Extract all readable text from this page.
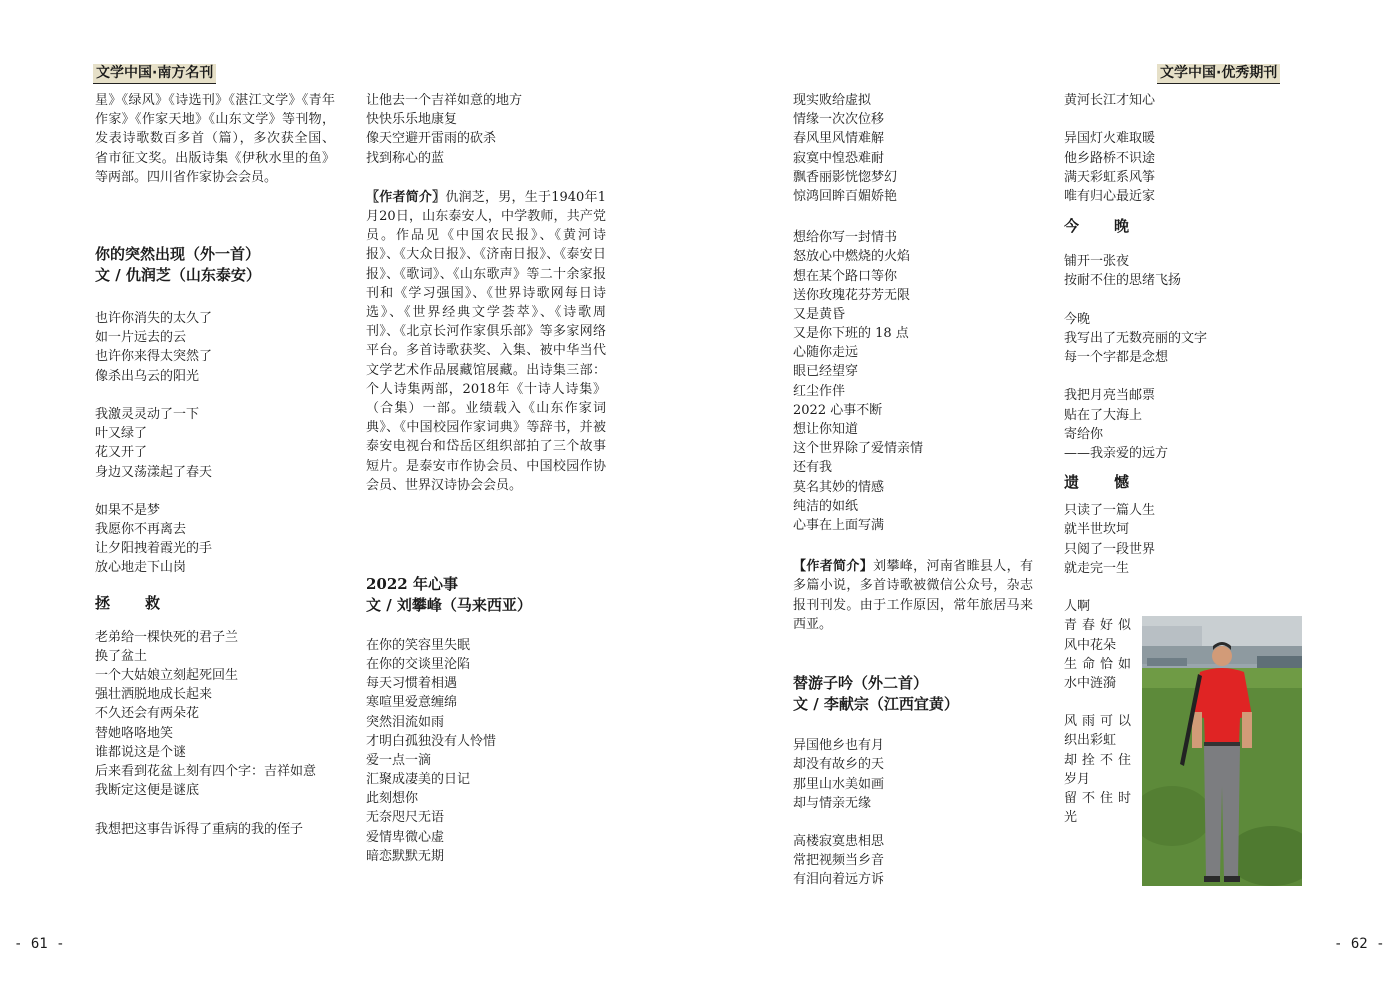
文学中国·南方名刊	文学中国·优秀期刊
星》《绿风》《诗选刊》《湛江文学》《青年作家》《作家天地》《山东文学》等刊物，发表诗歌数百多首（篇），多次获全国、省市征文奖。出版诗集《伊秋水里的鱼》等两部。四川省作家协会会员。
你的突然出现（外一首）
文 / 仇润芝（山东泰安）
也许你消失的太久了
如一片远去的云
也许你来得太突然了
像杀出乌云的阳光
我激灵灵动了一下
叶又绿了
花又开了
身边又荡漾起了春天
如果不是梦
我愿你不再离去
让夕阳拽着霞光的手
放心地走下山岗
拯　救
老弟给一棵快死的君子兰
换了盆土
一个大姑娘立刻起死回生
强壮洒脱地成长起来
不久还会有两朵花
替她咯咯地笑
谁都说这是个谜
后来看到花盆上刻有四个字：吉祥如意
我断定这便是谜底
我想把这事告诉得了重病的我的侄子
让他去一个吉祥如意的地方
快快乐乐地康复
像天空避开雷雨的砍杀
找到称心的蓝
〖作者简介〗仇润芝，男，生于1940年1月20日，山东泰安人，中学教师，共产党员。作品见《中国农民报》、《黄河诗报》、《大众日报》、《济南日报》、《泰安日报》、《歌词》、《山东歌声》等二十余家报刊和《学习强国》、《世界诗歌网每日诗选》、《世界经典文学荟萃》、《诗歌周刊》、《北京长河作家俱乐部》等多家网络平台。多首诗歌获奖、入集、被中华当代文学艺术作品展藏馆展藏。出诗集三部：个人诗集两部，2018年《十诗人诗集》（合集）一部。业绩载入《山东作家词典》、《中国校园作家词典》等辞书，并被泰安电视台和岱岳区组织部拍了三个故事短片。是泰安市作协会员、中国校园作协会员、世界汉诗协会会员。
2022 年心事
文 / 刘攀峰（马来西亚）
在你的笑容里失眠
在你的交谈里沦陷
每天习惯着相遇
寒喧里爱意缠绵
突然泪流如雨
才明白孤独没有人怜惜
爱一点一滴
汇聚成凄美的日记
此刻想你
无奈咫尺无语
爱情卑微心虚
暗恋默默无期
现实败给虚拟
情缘一次次位移
春风里风情难解
寂寞中惶恐难耐
飘香丽影恍惚梦幻
惊鸿回眸百媚娇艳
想给你写一封情书
怒放心中燃烧的火焰
想在某个路口等你
送你玫瑰花芬芳无限
又是黄昏
又是你下班的 18 点
心随你走远
眼已经望穿
红尘作伴
2022 心事不断
想让你知道
这个世界除了爱情亲情
还有我
莫名其妙的情感
纯洁的如纸
心事在上面写满
【作者简介】刘攀峰，河南省睢县人，有多篇小说，多首诗歌被微信公众号，杂志报刊刊发。由于工作原因，常年旅居马来西亚。
替游子吟（外二首）
文 / 李献宗（江西宜黄）
异国他乡也有月
却没有故乡的天
那里山水美如画
却与情亲无缘
高楼寂寞患相思
常把视频当乡音
有泪向着远方诉
黄河长江才知心
异国灯火难取暖
他乡路桥不识途
满天彩虹系风筝
唯有归心最近家
今　晚
铺开一张夜
按耐不住的思绪飞扬
今晚
我写出了无数亮丽的文字
每一个字都是念想
我把月亮当邮票
贴在了大海上
寄给你
——我亲爱的远方
遗　憾
只读了一篇人生
就半世坎坷
只阅了一段世界
就走完一生
人啊
青春好似
风中花朵
生命恰如
水中涟漪
风雨可以
织出彩虹
却拴不住
岁月
留不住时
光
- 61 -	- 62 -
